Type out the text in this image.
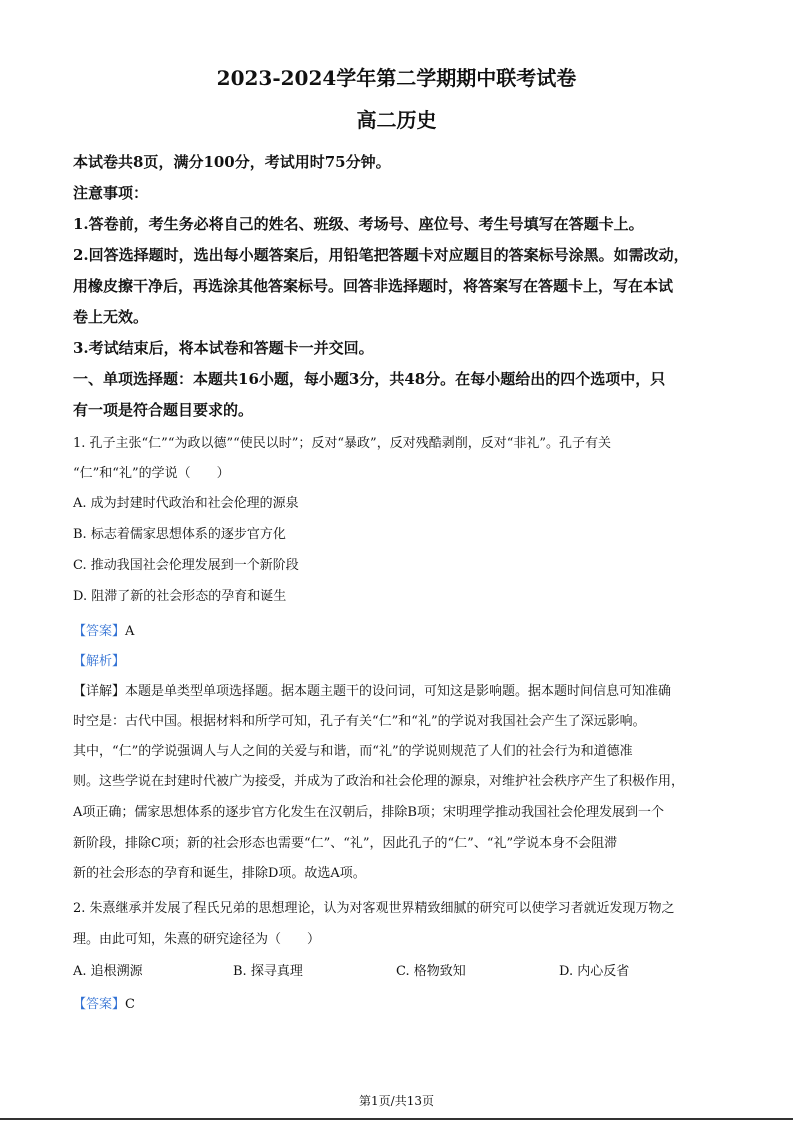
2023-2024学年第二学期期中联考试卷
高二历史
本试卷共8页，满分100分，考试用时75分钟。
注意事项：
1.答卷前，考生务必将自己的姓名、班级、考场号、座位号、考生号填写在答题卡上。
2.回答选择题时，选出每小题答案后，用铅笔把答题卡对应题目的答案标号涂黑。如需改动，
用橡皮擦干净后，再选涂其他答案标号。回答非选择题时，将答案写在答题卡上，写在本试
卷上无效。
3.考试结束后，将本试卷和答题卡一并交回。
一、单项选择题：本题共16小题，每小题3分，共48分。在每小题给出的四个选项中，只
有一项是符合题目要求的。
1. 孔子主张“仁”“为政以德”“使民以时”；反对“暴政”，反对残酷剥削，反对“非礼”。孔子有关
“仁”和“礼”的学说（　　）
A. 成为封建时代政治和社会伦理的源泉
B. 标志着儒家思想体系的逐步官方化
C. 推动我国社会伦理发展到一个新阶段
D. 阻滞了新的社会形态的孕育和诞生
【答案】A
【解析】
【详解】本题是单类型单项选择题。据本题主题干的设问词，可知这是影响题。据本题时间信息可知准确
时空是：古代中国。根据材料和所学可知，孔子有关“仁”和“礼”的学说对我国社会产生了深远影响。
其中，“仁”的学说强调人与人之间的关爱与和谐，而“礼”的学说则规范了人们的社会行为和道德准
则。这些学说在封建时代被广为接受，并成为了政治和社会伦理的源泉，对维护社会秩序产生了积极作用，
A项正确；儒家思想体系的逐步官方化发生在汉朝后，排除B项；宋明理学推动我国社会伦理发展到一个
新阶段，排除C项；新的社会形态也需要“仁”、“礼”，因此孔子的“仁”、“礼”学说本身不会阻滞
新的社会形态的孕育和诞生，排除D项。故选A项。
2. 朱熹继承并发展了程氏兄弟的思想理论，认为对客观世界精致细腻的研究可以使学习者就近发现万物之
理。由此可知，朱熹的研究途径为（　　）
A. 追根溯源	B. 探寻真理	C. 格物致知	D. 内心反省
【答案】C
第1页/共13页
